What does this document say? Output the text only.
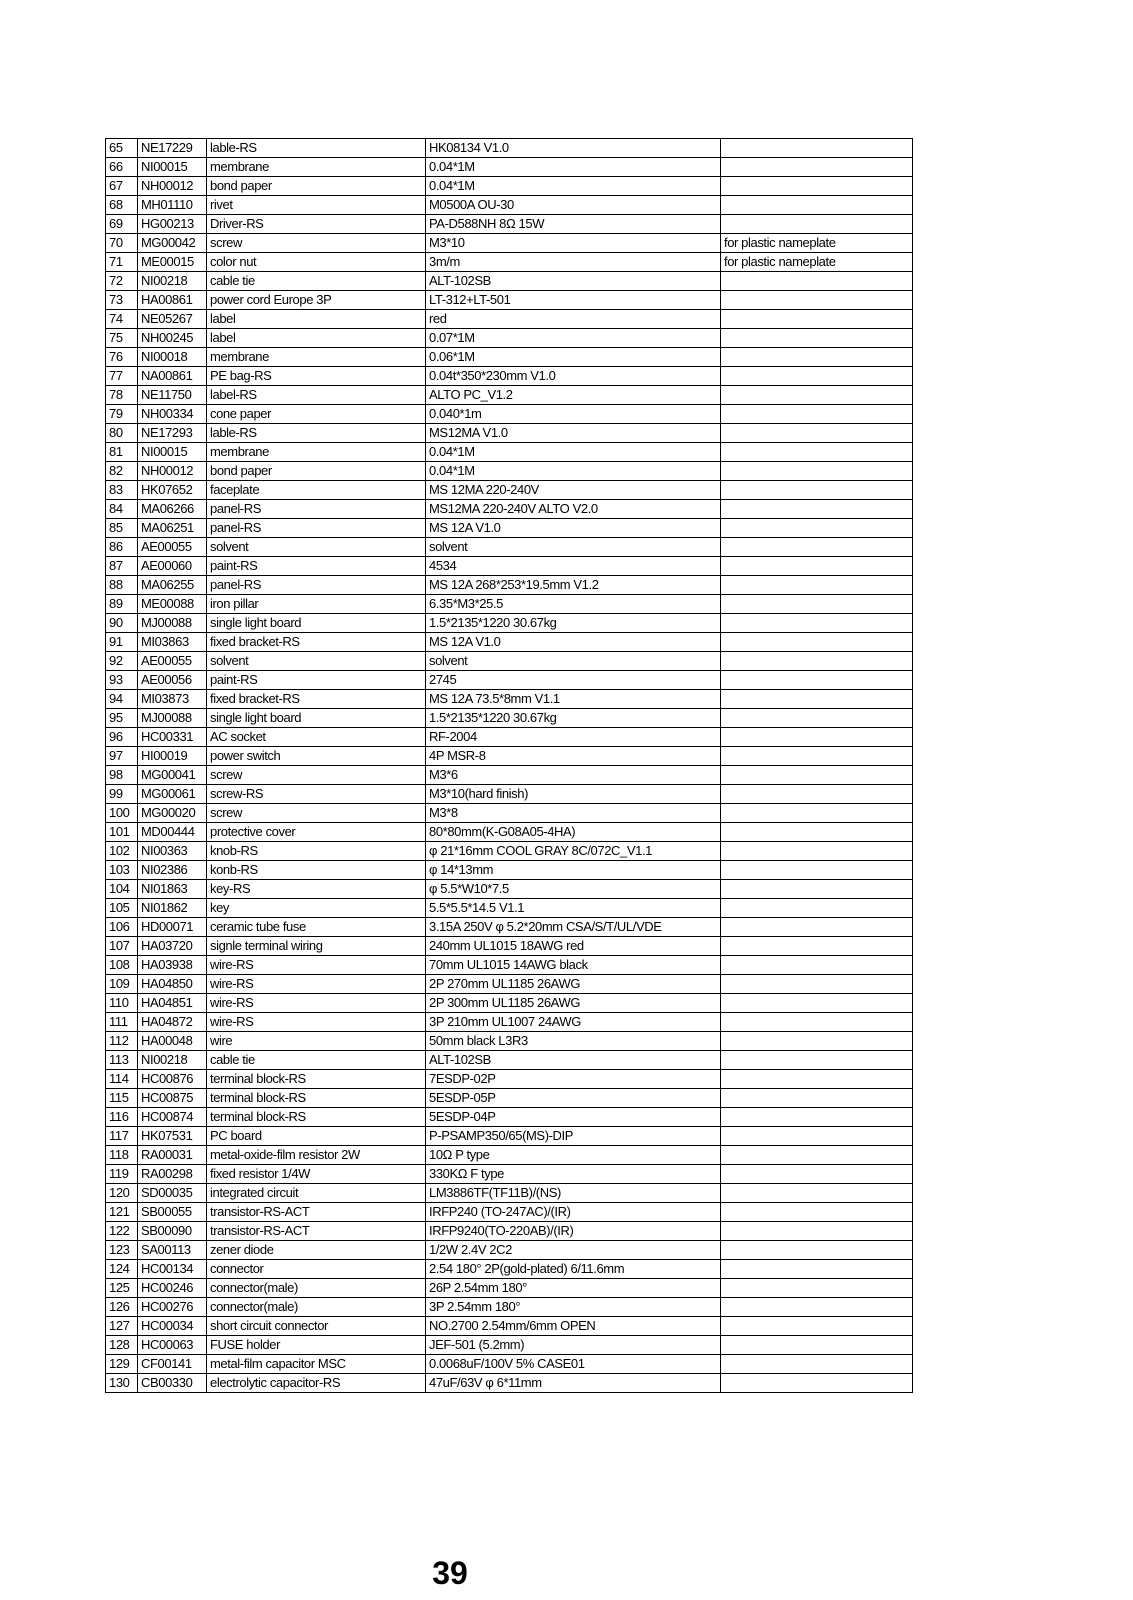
65	NE17229	lable-RS	HK08134 V1.0	
66	NI00015	membrane	0.04*1M	
67	NH00012	bond paper	0.04*1M	
68	MH01110	rivet	M0500A OU-30	
69	HG00213	Driver-RS	PA-D588NH 8Ω 15W	
70	MG00042	screw	M3*10	for plastic nameplate
71	ME00015	color nut	3m/m	for plastic nameplate
72	NI00218	cable tie	ALT-102SB	
73	HA00861	power cord Europe 3P	LT-312+LT-501	
74	NE05267	label	red	
75	NH00245	label	0.07*1M	
76	NI00018	membrane	0.06*1M	
77	NA00861	PE bag-RS	0.04t*350*230mm V1.0	
78	NE11750	label-RS	ALTO PC_V1.2	
79	NH00334	cone paper	0.040*1m	
80	NE17293	lable-RS	MS12MA V1.0	
81	NI00015	membrane	0.04*1M	
82	NH00012	bond paper	0.04*1M	
83	HK07652	faceplate	MS 12MA 220-240V	
84	MA06266	panel-RS	MS12MA 220-240V ALTO V2.0	
85	MA06251	panel-RS	MS 12A V1.0	
86	AE00055	solvent	solvent	
87	AE00060	paint-RS	4534	
88	MA06255	panel-RS	MS 12A 268*253*19.5mm V1.2	
89	ME00088	iron pillar	6.35*M3*25.5	
90	MJ00088	single light board	1.5*2135*1220 30.67kg	
91	MI03863	fixed bracket-RS	MS 12A V1.0	
92	AE00055	solvent	solvent	
93	AE00056	paint-RS	2745	
94	MI03873	fixed bracket-RS	MS 12A 73.5*8mm V1.1	
95	MJ00088	single light board	1.5*2135*1220 30.67kg	
96	HC00331	AC socket	RF-2004	
97	HI00019	power switch	4P MSR-8	
98	MG00041	screw	M3*6	
99	MG00061	screw-RS	M3*10(hard finish)	
100	MG00020	screw	M3*8	
101	MD00444	protective cover	80*80mm(K-G08A05-4HA)	
102	NI00363	knob-RS	φ 21*16mm COOL GRAY 8C/072C_V1.1	
103	NI02386	konb-RS	φ 14*13mm	
104	NI01863	key-RS	φ 5.5*W10*7.5	
105	NI01862	key	5.5*5.5*14.5 V1.1	
106	HD00071	ceramic tube fuse	3.15A 250V φ 5.2*20mm CSA/S/T/UL/VDE	
107	HA03720	signle terminal wiring	240mm UL1015 18AWG red	
108	HA03938	wire-RS	70mm UL1015 14AWG black	
109	HA04850	wire-RS	2P 270mm UL1185 26AWG	
110	HA04851	wire-RS	2P 300mm UL1185 26AWG	
111	HA04872	wire-RS	3P 210mm UL1007 24AWG	
112	HA00048	wire	50mm black L3R3	
113	NI00218	cable tie	ALT-102SB	
114	HC00876	terminal block-RS	7ESDP-02P	
115	HC00875	terminal block-RS	5ESDP-05P	
116	HC00874	terminal block-RS	5ESDP-04P	
117	HK07531	PC board	P-PSAMP350/65(MS)-DIP	
118	RA00031	metal-oxide-film resistor 2W	10Ω P type	
119	RA00298	fixed resistor 1/4W	330KΩ F type	
120	SD00035	integrated circuit	LM3886TF(TF11B)/(NS)	
121	SB00055	transistor-RS-ACT	IRFP240 (TO-247AC)/(IR)	
122	SB00090	transistor-RS-ACT	IRFP9240(TO-220AB)/(IR)	
123	SA00113	zener diode	1/2W 2.4V 2C2	
124	HC00134	connector	2.54 180° 2P(gold-plated) 6/11.6mm	
125	HC00246	connector(male)	26P 2.54mm 180°	
126	HC00276	connector(male)	3P 2.54mm 180°	
127	HC00034	short circuit connector	NO.2700 2.54mm/6mm OPEN	
128	HC00063	FUSE holder	JEF-501 (5.2mm)	
129	CF00141	metal-film capacitor MSC	0.0068uF/100V 5% CASE01	
130	CB00330	electrolytic capacitor-RS	47uF/63V φ 6*11mm	
39
